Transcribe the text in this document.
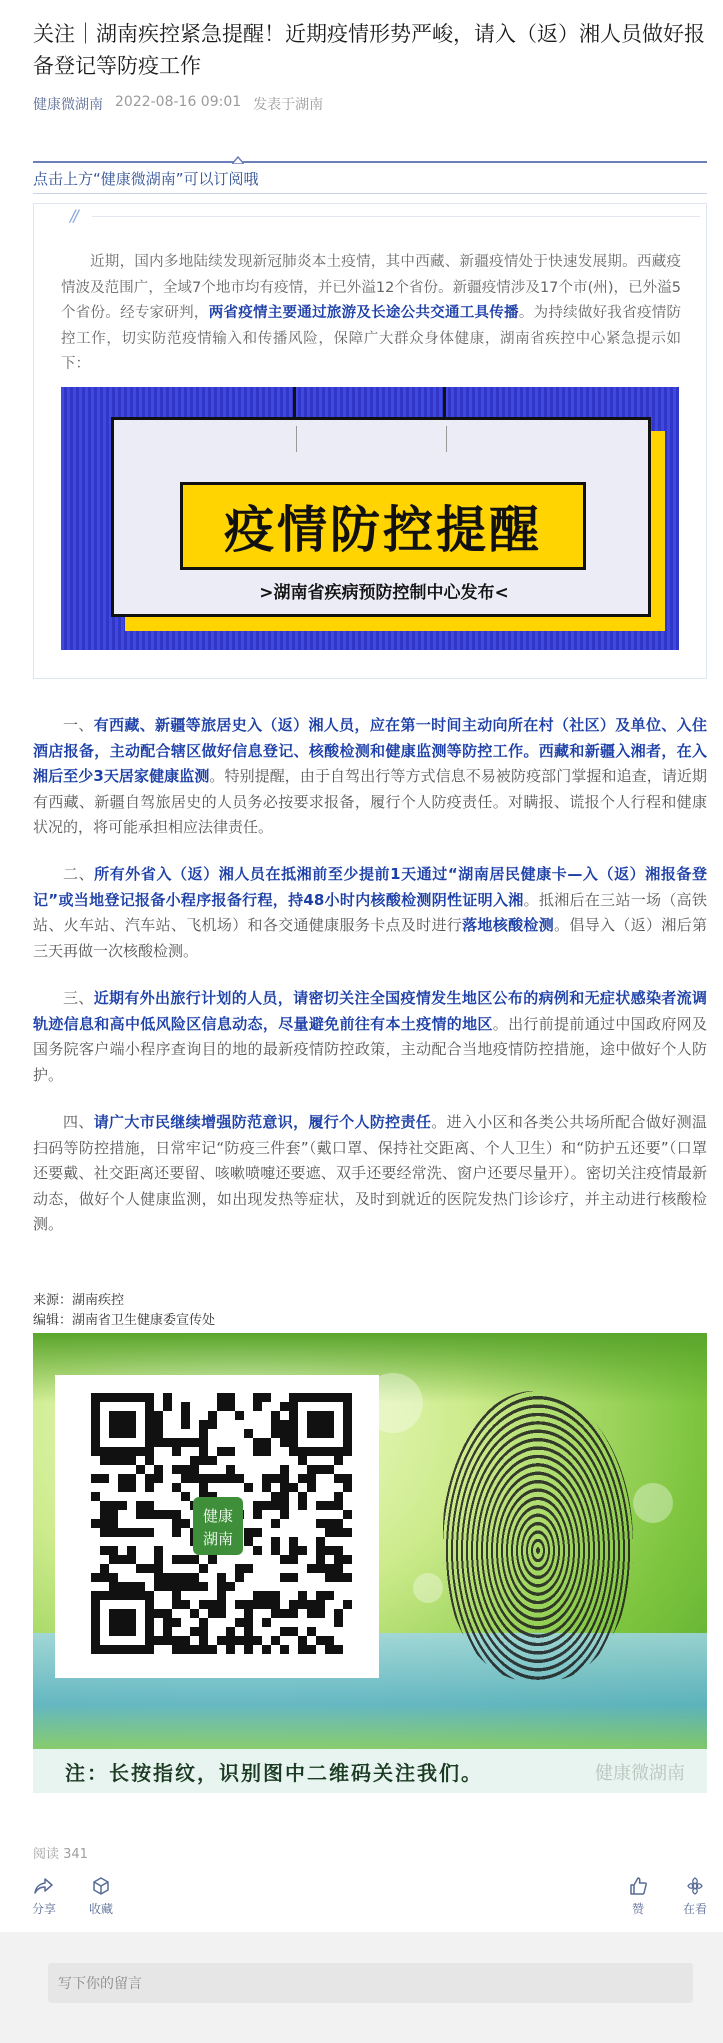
关注｜湖南疾控紧急提醒！近期疫情形势严峻，请入（返）湘人员做好报备登记等防疫工作
健康微湖南 2022-08-16 09:01 发表于湖南
点击上方“健康微湖南”可以订阅哦
//

近期，国内多地陆续发现新冠肺炎本土疫情，其中西藏、新疆疫情处于快速发展期。西藏疫情波及范围广，全域7个地市均有疫情，并已外溢12个省份。新疆疫情涉及17个市(州)，已外溢5个省份。经专家研判，两省疫情主要通过旅游及长途公共交通工具传播。为持续做好我省疫情防控工作，切实防范疫情输入和传播风险，保障广大群众身体健康，湖南省疾控中心紧急提示如下：

疫情防控提醒
>湖南省疾病预防控制中心发布<

一、有西藏、新疆等旅居史入（返）湘人员，应在第一时间主动向所在村（社区）及单位、入住酒店报备，主动配合辖区做好信息登记、核酸检测和健康监测等防控工作。西藏和新疆入湘者，在入湘后至少3天居家健康监测。特别提醒，由于自驾出行等方式信息不易被防疫部门掌握和追查，请近期有西藏、新疆自驾旅居史的人员务必按要求报备，履行个人防疫责任。对瞒报、谎报个人行程和健康状况的，将可能承担相应法律责任。

二、所有外省入（返）湘人员在抵湘前至少提前1天通过“湖南居民健康卡—入（返）湘报备登记”或当地登记报备小程序报备行程，持48小时内核酸检测阴性证明入湘。抵湘后在三站一场（高铁站、火车站、汽车站、飞机场）和各交通健康服务卡点及时进行落地核酸检测。倡导入（返）湘后第三天再做一次核酸检测。

三、近期有外出旅行计划的人员，请密切关注全国疫情发生地区公布的病例和无症状感染者流调轨迹信息和高中低风险区信息动态，尽量避免前往有本土疫情的地区。出行前提前通过中国政府网及国务院客户端小程序查询目的地的最新疫情防控政策，主动配合当地疫情防控措施，途中做好个人防护。

四、请广大市民继续增强防范意识，履行个人防控责任。进入小区和各类公共场所配合做好测温扫码等防控措施，日常牢记“防疫三件套”（戴口罩、保持社交距离、个人卫生）和“防护五还要”（口罩还要戴、社交距离还要留、咳嗽喷嚏还要遮、双手还要经常洗、窗户还要尽量开）。密切关注疫情最新动态，做好个人健康监测，如出现发热等症状，及时到就近的医院发热门诊诊疗，并主动进行核酸检测。

来源：湖南疾控
编辑：湖南省卫生健康委宣传处
健康
湖南
注：长按指纹，识别图中二维码关注我们。	健康微湖南
阅读 341
分享	收藏	赞	在看
写下你的留言
